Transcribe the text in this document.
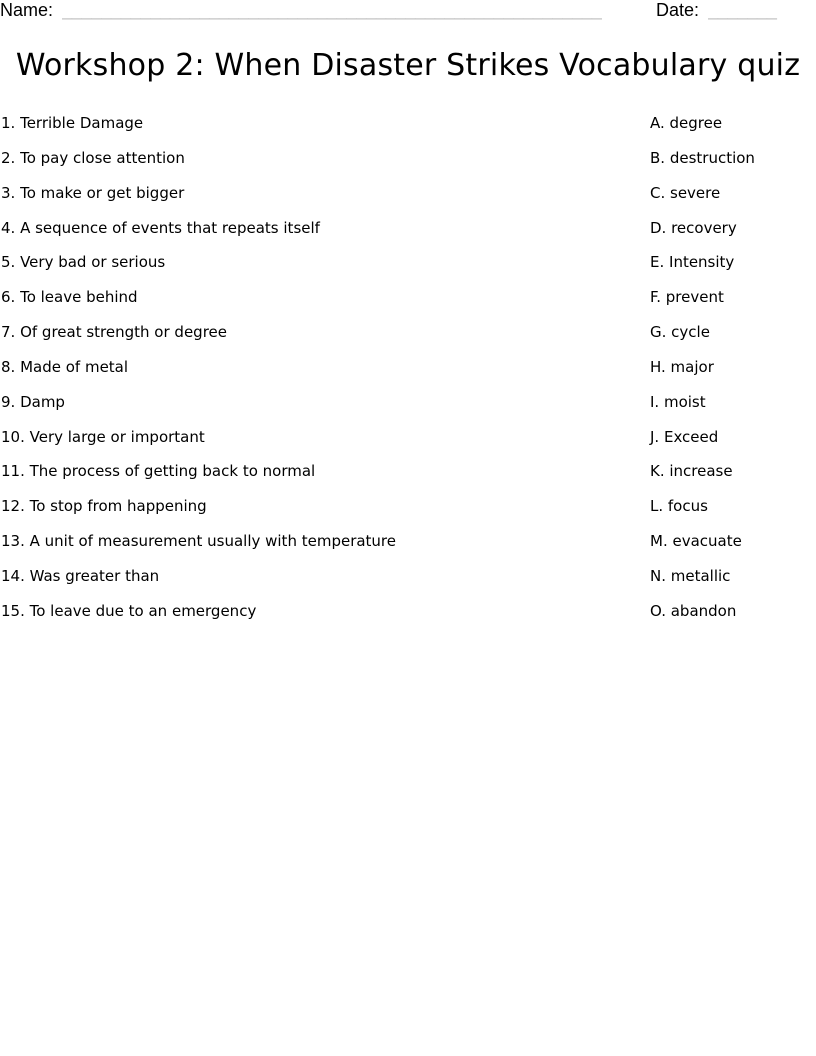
Name: _______________________________________________________	Date: _______
Workshop 2: When Disaster Strikes Vocabulary quiz
1. Terrible Damage	A. degree
2. To pay close attention	B. destruction
3. To make or get bigger	C. severe
4. A sequence of events that repeats itself	D. recovery
5. Very bad or serious	E. Intensity
6. To leave behind	F. prevent
7. Of great strength or degree	G. cycle
8. Made of metal	H. major
9. Damp	I. moist
10. Very large or important	J. Exceed
11. The process of getting back to normal	K. increase
12. To stop from happening	L. focus
13. A unit of measurement usually with temperature	M. evacuate
14. Was greater than	N. metallic
15. To leave due to an emergency	O. abandon
